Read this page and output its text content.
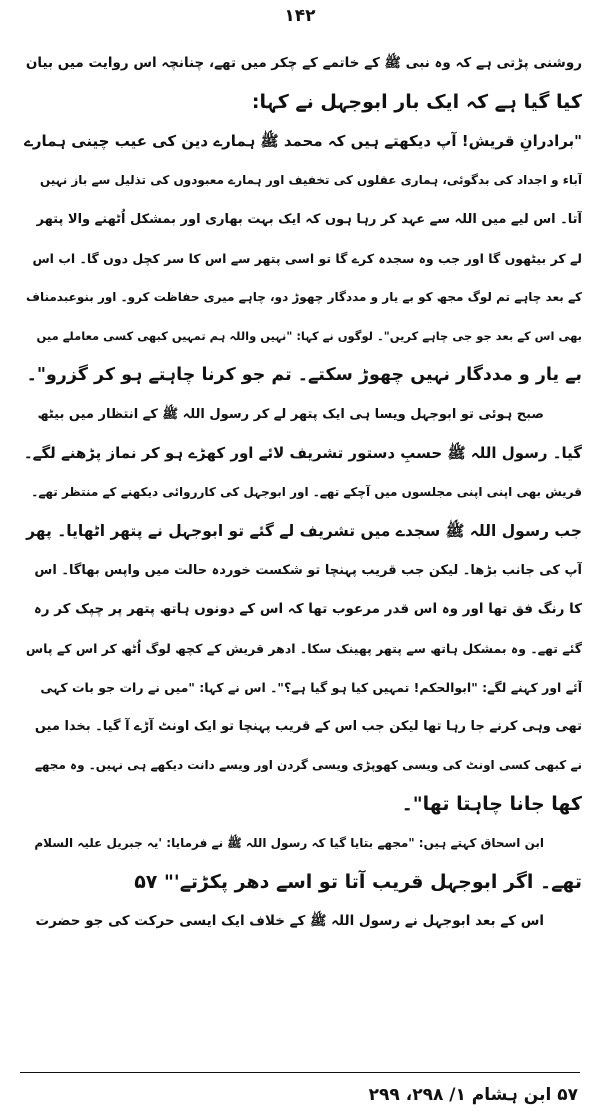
۱۴۲
روشنی پڑتی ہے کہ وہ نبی ﷺ کے خاتمے کے چکر میں تھے، چنانچہ اس روایت میں بیان
کیا گیا ہے کہ ایک بار ابوجہل نے کہا:
"برادرانِ قریش! آپ دیکھتے ہیں کہ محمد ﷺ ہمارے دین کی عیب چینی ہمارے
آباء و اجداد کی بدگوئی، ہماری عقلوں کی تخفیف اور ہمارے معبودوں کی تذلیل سے باز نہیں
آتا۔ اس لیے میں اللہ سے عہد کر رہا ہوں کہ ایک بہت بھاری اور بمشکل اُٹھنے والا پتھر
لے کر بیٹھوں گا اور جب وہ سجدہ کرے گا تو اسی پتھر سے اس کا سر کچل دوں گا۔ اب اس
کے بعد چاہے تم لوگ مجھ کو بے یار و مددگار چھوڑ دو، چاہے میری حفاظت کرو۔ اور بنوعبدمناف
بھی اس کے بعد جو جی چاہے کریں"۔ لوگوں نے کہا: "نہیں واللہ ہم تمہیں کبھی کسی معاملے میں
بے یار و مددگار نہیں چھوڑ سکتے۔ تم جو کرنا چاہتے ہو کر گزرو"۔
صبح ہوئی تو ابوجہل ویسا ہی ایک پتھر لے کر رسول اللہ ﷺ کے انتظار میں بیٹھ
گیا۔ رسول اللہ ﷺ حسبِ دستور تشریف لائے اور کھڑے ہو کر نماز پڑھنے لگے۔
قریش بھی اپنی اپنی مجلسوں میں آچکے تھے۔ اور ابوجہل کی کارروائی دیکھنے کے منتظر تھے۔
جب رسول اللہ ﷺ سجدے میں تشریف لے گئے تو ابوجہل نے پتھر اٹھایا۔ پھر
آپ کی جانب بڑھا۔ لیکن جب قریب پہنچا تو شکست خوردہ حالت میں واپس بھاگا۔ اس
کا رنگ فق تھا اور وہ اس قدر مرعوب تھا کہ اس کے دونوں ہاتھ پتھر پر چپک کر رہ
گئے تھے۔ وہ بمشکل ہاتھ سے پتھر پھینک سکا۔ ادھر قریش کے کچھ لوگ اُٹھ کر اس کے پاس
آئے اور کہنے لگے: "ابوالحکم! تمہیں کیا ہو گیا ہے؟"۔ اس نے کہا: "میں نے رات جو بات کہی
تھی وہی کرنے جا رہا تھا لیکن جب اس کے قریب پہنچا تو ایک اونٹ آڑے آ گیا۔ بخدا میں
نے کبھی کسی اونٹ کی ویسی کھوپڑی ویسی گردن اور ویسے دانت دیکھے ہی نہیں۔ وہ مجھے
کھا جانا چاہتا تھا"۔
ابن اسحاق کہتے ہیں: "مجھے بتایا گیا کہ رسول اللہ ﷺ نے فرمایا: 'یہ جبریل علیہ السلام
تھے۔ اگر ابوجہل قریب آتا تو اسے دھر پکڑتے'" ۵۷
اس کے بعد ابوجہل نے رسول اللہ ﷺ کے خلاف ایک ایسی حرکت کی جو حضرت
۵۷ ابن ہشام ۱/ ۲۹۸، ۲۹۹
